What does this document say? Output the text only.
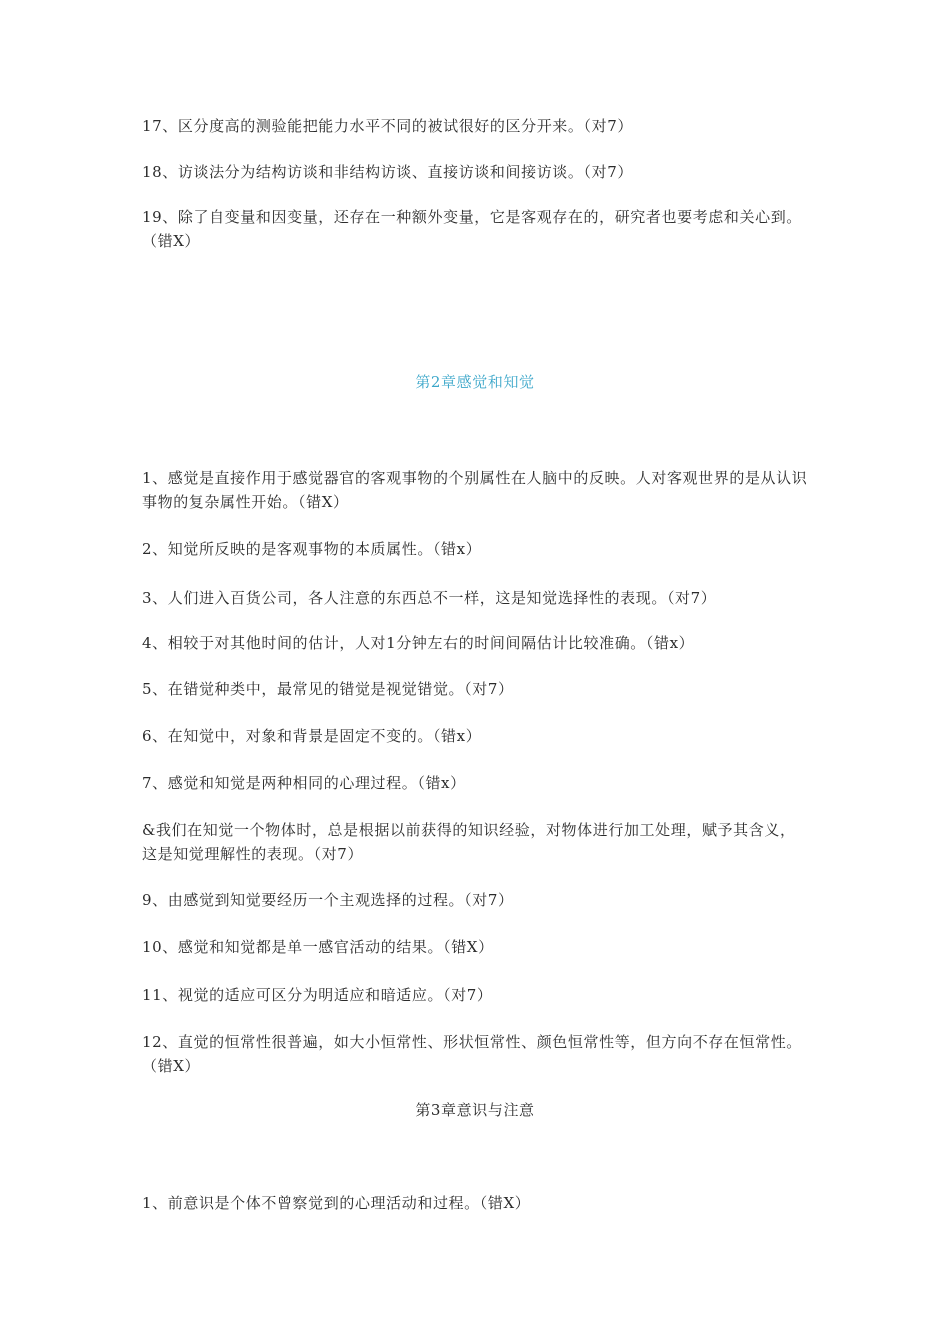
17、区分度高的测验能把能力水平不同的被试很好的区分开来。（对7）

18、访谈法分为结构访谈和非结构访谈、直接访谈和间接访谈。（对7）

19、除了自变量和因变量，还存在一种额外变量，它是客观存在的，研究者也要考虑和关心到。（错X）

第2章感觉和知觉

1、感觉是直接作用于感觉器官的客观事物的个别属性在人脑中的反映。人对客观世界的是从认识事物的复杂属性开始。（错X）

2、知觉所反映的是客观事物的本质属性。（错x）

3、人们进入百货公司，各人注意的东西总不一样，这是知觉选择性的表现。（对7）

4、相较于对其他时间的估计，人对1分钟左右的时间间隔估计比较准确。（错x）

5、在错觉种类中，最常见的错觉是视觉错觉。（对7）

6、在知觉中，对象和背景是固定不变的。（错x）

7、感觉和知觉是两种相同的心理过程。（错x）

&我们在知觉一个物体时，总是根据以前获得的知识经验，对物体进行加工处理，赋予其含义，这是知觉理解性的表现。（对7）

9、由感觉到知觉要经历一个主观选择的过程。（对7）

10、感觉和知觉都是单一感官活动的结果。（错X）

11、视觉的适应可区分为明适应和暗适应。（对7）

12、直觉的恒常性很普遍，如大小恒常性、形状恒常性、颜色恒常性等，但方向不存在恒常性。（错X）

第3章意识与注意

1、前意识是个体不曾察觉到的心理活动和过程。（错X）
